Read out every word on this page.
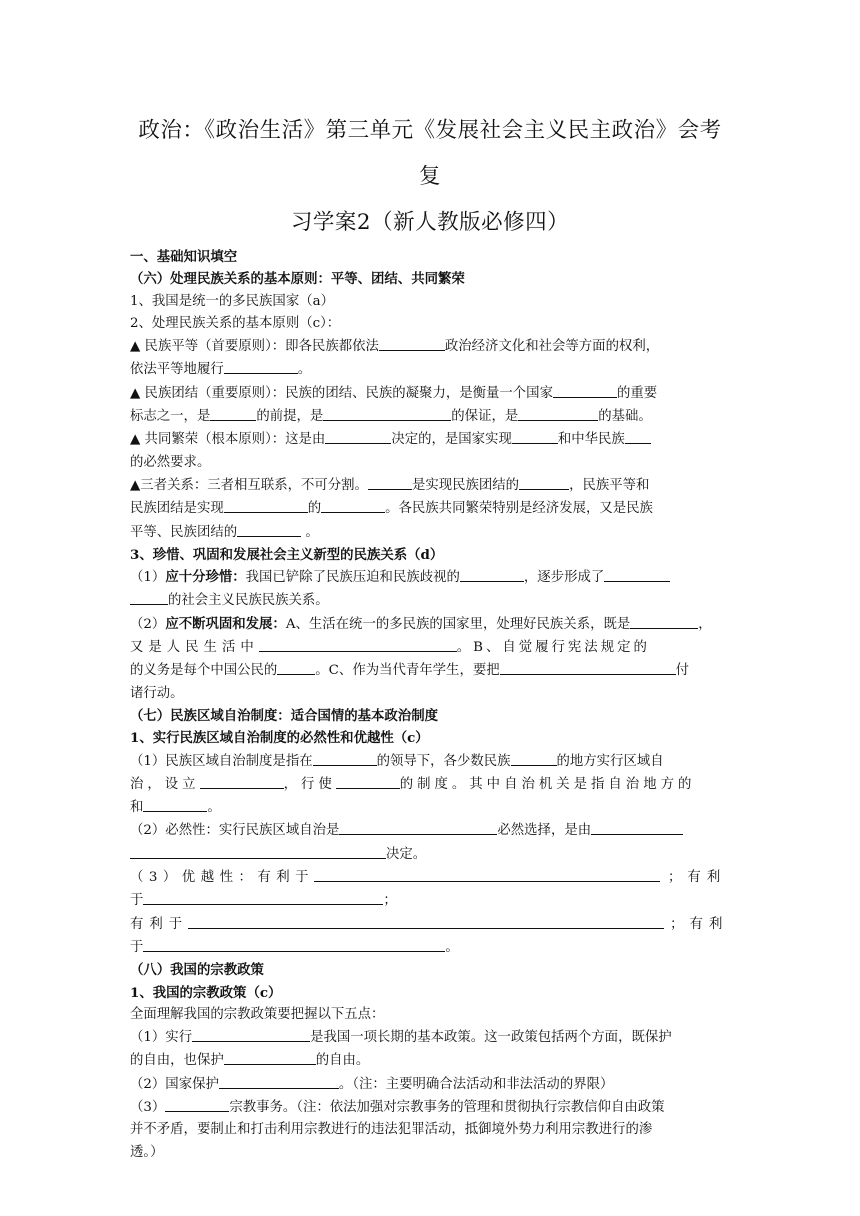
政治：《政治生活》第三单元《发展社会主义民主政治》会考复
习学案2（新人教版必修四）
一、基础知识填空
（六）处理民族关系的基本原则：平等、团结、共同繁荣
1、我国是统一的多民族国家（a）
2、处理民族关系的基本原则（c）：
▲ 民族平等（首要原则）：即各民族都依法	政治经济文化和社会等方面的权利，
依法平等地履行	。
▲ 民族团结（重要原则）：民族的团结、民族的凝聚力，是衡量一个国家	的重要
标志之一，是	的前提，是	的保证，是	的基础。
▲ 共同繁荣（根本原则）：这是由	决定的，是国家实现	和中华民族
的必然要求。
▲三者关系：三者相互联系，不可分割。	是实现民族团结的	，民族平等和
民族团结是实现	的	。各民族共同繁荣特别是经济发展，又是民族
平等、民族团结的	。
3、珍惜、巩固和发展社会主义新型的民族关系（d）
（1）应十分珍惜：我国已铲除了民族压迫和民族歧视的	，逐步形成了
的社会主义民族民族关系。
（2）应不断巩固和发展：A、生活在统一的多民族的国家里，处理好民族关系，既是	，
又是人民生活中	。B、自觉履行宪法规定的
的义务是每个中国公民的	。C、作为当代青年学生，要把	付
诸行动。
（七）民族区域自治制度：适合国情的基本政治制度
1、实行民族区域自治制度的必然性和优越性（c）
（1）民族区域自治制度是指在	的领导下，各少数民族	的地方实行区域自
治，设立	，行使	的制度。其中自治机关是指自治地方的
和	。
（2）必然性：实行民族区域自治是	必然选择，是由
决定。
（3）优越性：有利于	；有利
于	；
有利于	；有利
于	。
（八）我国的宗教政策
1、我国的宗教政策（c）
全面理解我国的宗教政策要把握以下五点：
（1）实行	是我国一项长期的基本政策。这一政策包括两个方面，既保护
的自由，也保护	的自由。
（2）国家保护	。（注：主要明确合法活动和非法活动的界限）
（3）	宗教事务。（注：依法加强对宗教事务的管理和贯彻执行宗教信仰自由政策
并不矛盾，要制止和打击利用宗教进行的违法犯罪活动，抵御境外势力利用宗教进行的渗
透。）
